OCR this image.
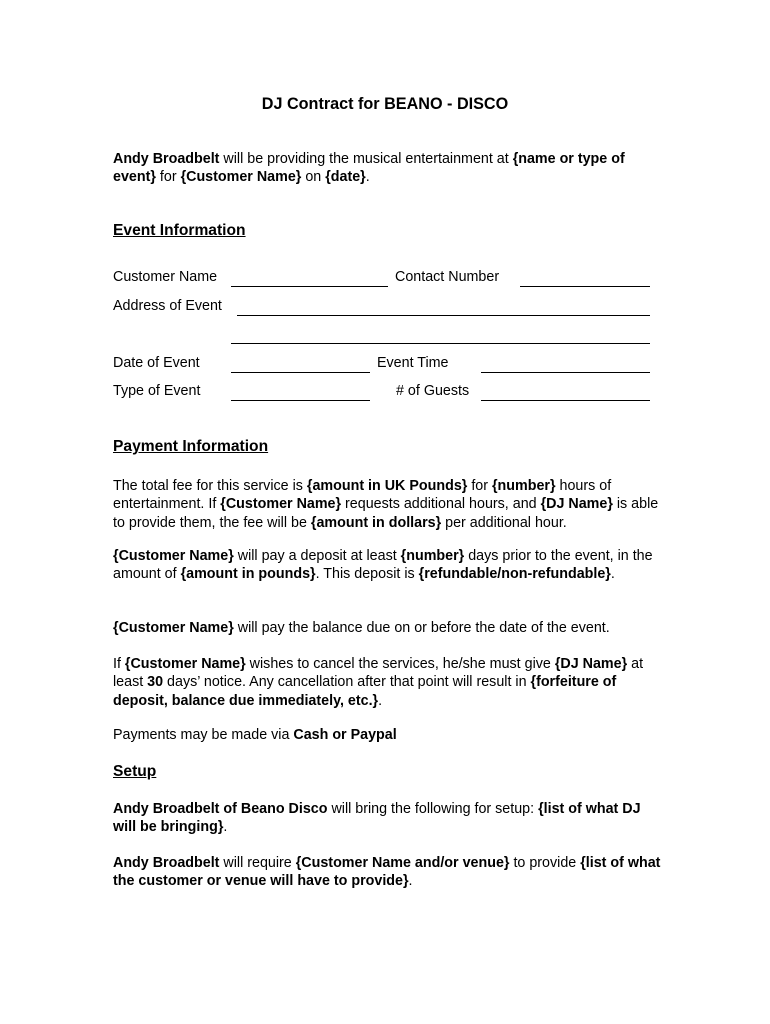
DJ Contract for BEANO - DISCO
Andy Broadbelt will be providing the musical entertainment at {name or type of event} for {Customer Name} on {date}.
Event Information
Customer Name	Contact Number
Address of Event
Date of Event	Event Time
Type of Event	# of Guests
Payment Information
The total fee for this service is {amount in UK Pounds} for {number} hours of entertainment. If {Customer Name} requests additional hours, and {DJ Name} is able to provide them, the fee will be {amount in dollars} per additional hour.
{Customer Name} will pay a deposit at least {number} days prior to the event, in the amount of {amount in pounds}. This deposit is {refundable/non-refundable}.
{Customer Name} will pay the balance due on or before the date of the event.
If {Customer Name} wishes to cancel the services, he/she must give {DJ Name} at least 30 days’ notice. Any cancellation after that point will result in {forfeiture of deposit, balance due immediately, etc.}.
Payments may be made via Cash or Paypal
Setup
Andy Broadbelt of Beano Disco will bring the following for setup: {list of what DJ will be bringing}.
Andy Broadbelt will require {Customer Name and/or venue} to provide {list of what the customer or venue will have to provide}.
